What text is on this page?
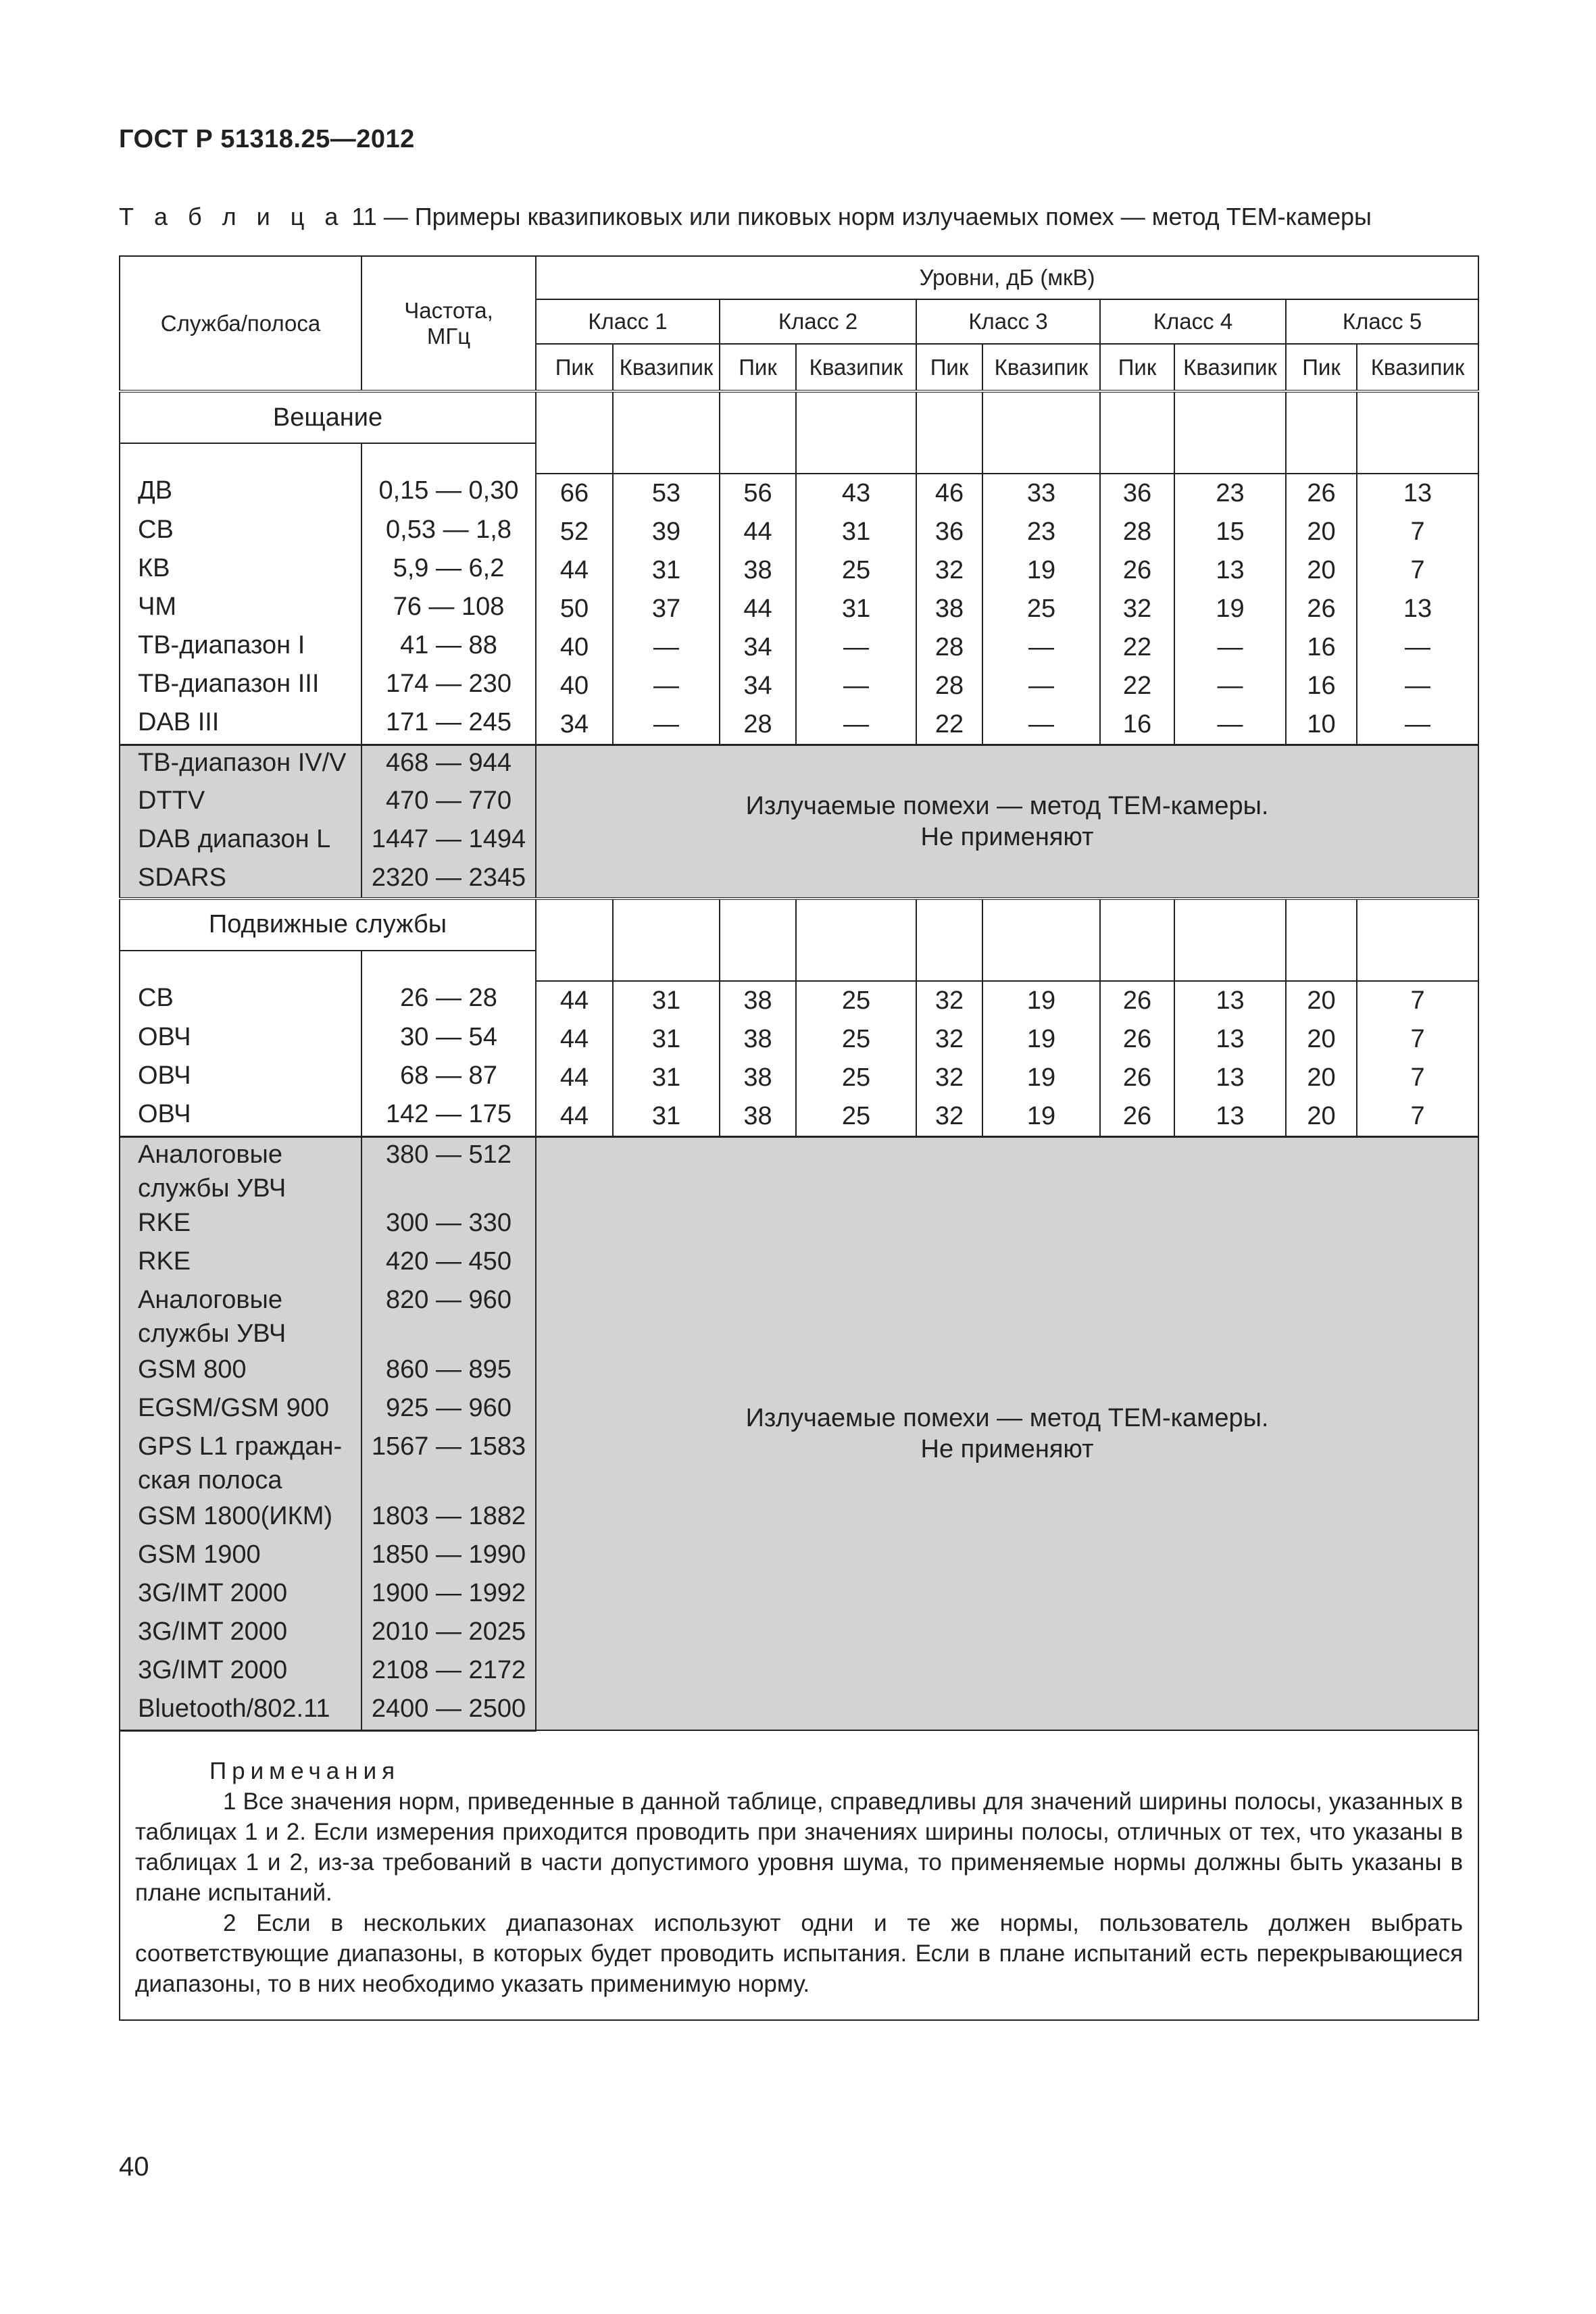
ГОСТ Р 51318.25—2012
Т а б л и ц а 11 — Примеры квазипиковых или пиковых норм излучаемых помех — метод ТЕМ-камеры
Служба/полоса	Частота, МГц	Уровни, дБ (мкВ)									
		Класс 1		Класс 2		Класс 3		Класс 4		Класс 5	
		Пик	Квазипик	Пик	Квазипик	Пик	Квазипик	Пик	Квазипик	Пик	Квазипик
Вещание											

ДВ	0,15 — 0,30	66	53	56	43	46	33	36	23	26	13
СВ	0,53 — 1,8	52	39	44	31	36	23	28	15	20	7
КВ	5,9 — 6,2	44	31	38	25	32	19	26	13	20	7
ЧМ	76 — 108	50	37	44	31	38	25	32	19	26	13
ТВ-диапазон I	41 — 88	40	—	34	—	28	—	22	—	16	—
ТВ-диапазон III	174 — 230	40	—	34	—	28	—	22	—	16	—
DAB III	171 — 245	34	—	28	—	22	—	16	—	10	—
ТВ-диапазон IV/V	468 — 944	Излучаемые помехи — метод ТЕМ-камеры.
Не применяют									

DTTV	470 — 770										
DAB диапазон L	1447 — 1494										
SDARS	2320 — 2345										
Подвижные службы											

СВ	26 — 28	44	31	38	25	32	19	26	13	20	7
ОВЧ	30 — 54	44	31	38	25	32	19	26	13	20	7
ОВЧ	68 — 87	44	31	38	25	32	19	26	13	20	7
ОВЧ	142 — 175	44	31	38	25	32	19	26	13	20	7
Аналоговые службы УВЧ	380 — 512	Излучаемые помехи — метод ТЕМ-камеры.
Не применяют									

RKE	300 — 330										
RKE	420 — 450										
Аналоговые службы УВЧ	820 — 960										
GSM 800	860 — 895										
EGSM/GSM 900	925 — 960										
GPS L1 граждан-ская полоса	1567 — 1583										
GSM 1800(ИКМ)	1803 — 1882										
GSM 1900	1850 — 1990										
3G/IMT 2000	1900 — 1992										
3G/IMT 2000	2010 — 2025										
3G/IMT 2000	2108 — 2172										
Bluetooth/802.11	2400 — 2500										

Примечания
1 Все значения норм, приведенные в данной таблице, справедливы для значений ширины полосы, указанных в таблицах 1 и 2. Если измерения приходится проводить при значениях ширины полосы, отличных от тех, что указаны в таблицах 1 и 2, из-за требований в части допустимого уровня шума, то применяемые нормы должны быть указаны в плане испытаний.
2 Если в нескольких диапазонах используют одни и те же нормы, пользователь должен выбрать соответствующие диапазоны, в которых будет проводить испытания. Если в плане испытаний есть перекрывающиеся диапазоны, то в них необходимо указать применимую норму.											
40
